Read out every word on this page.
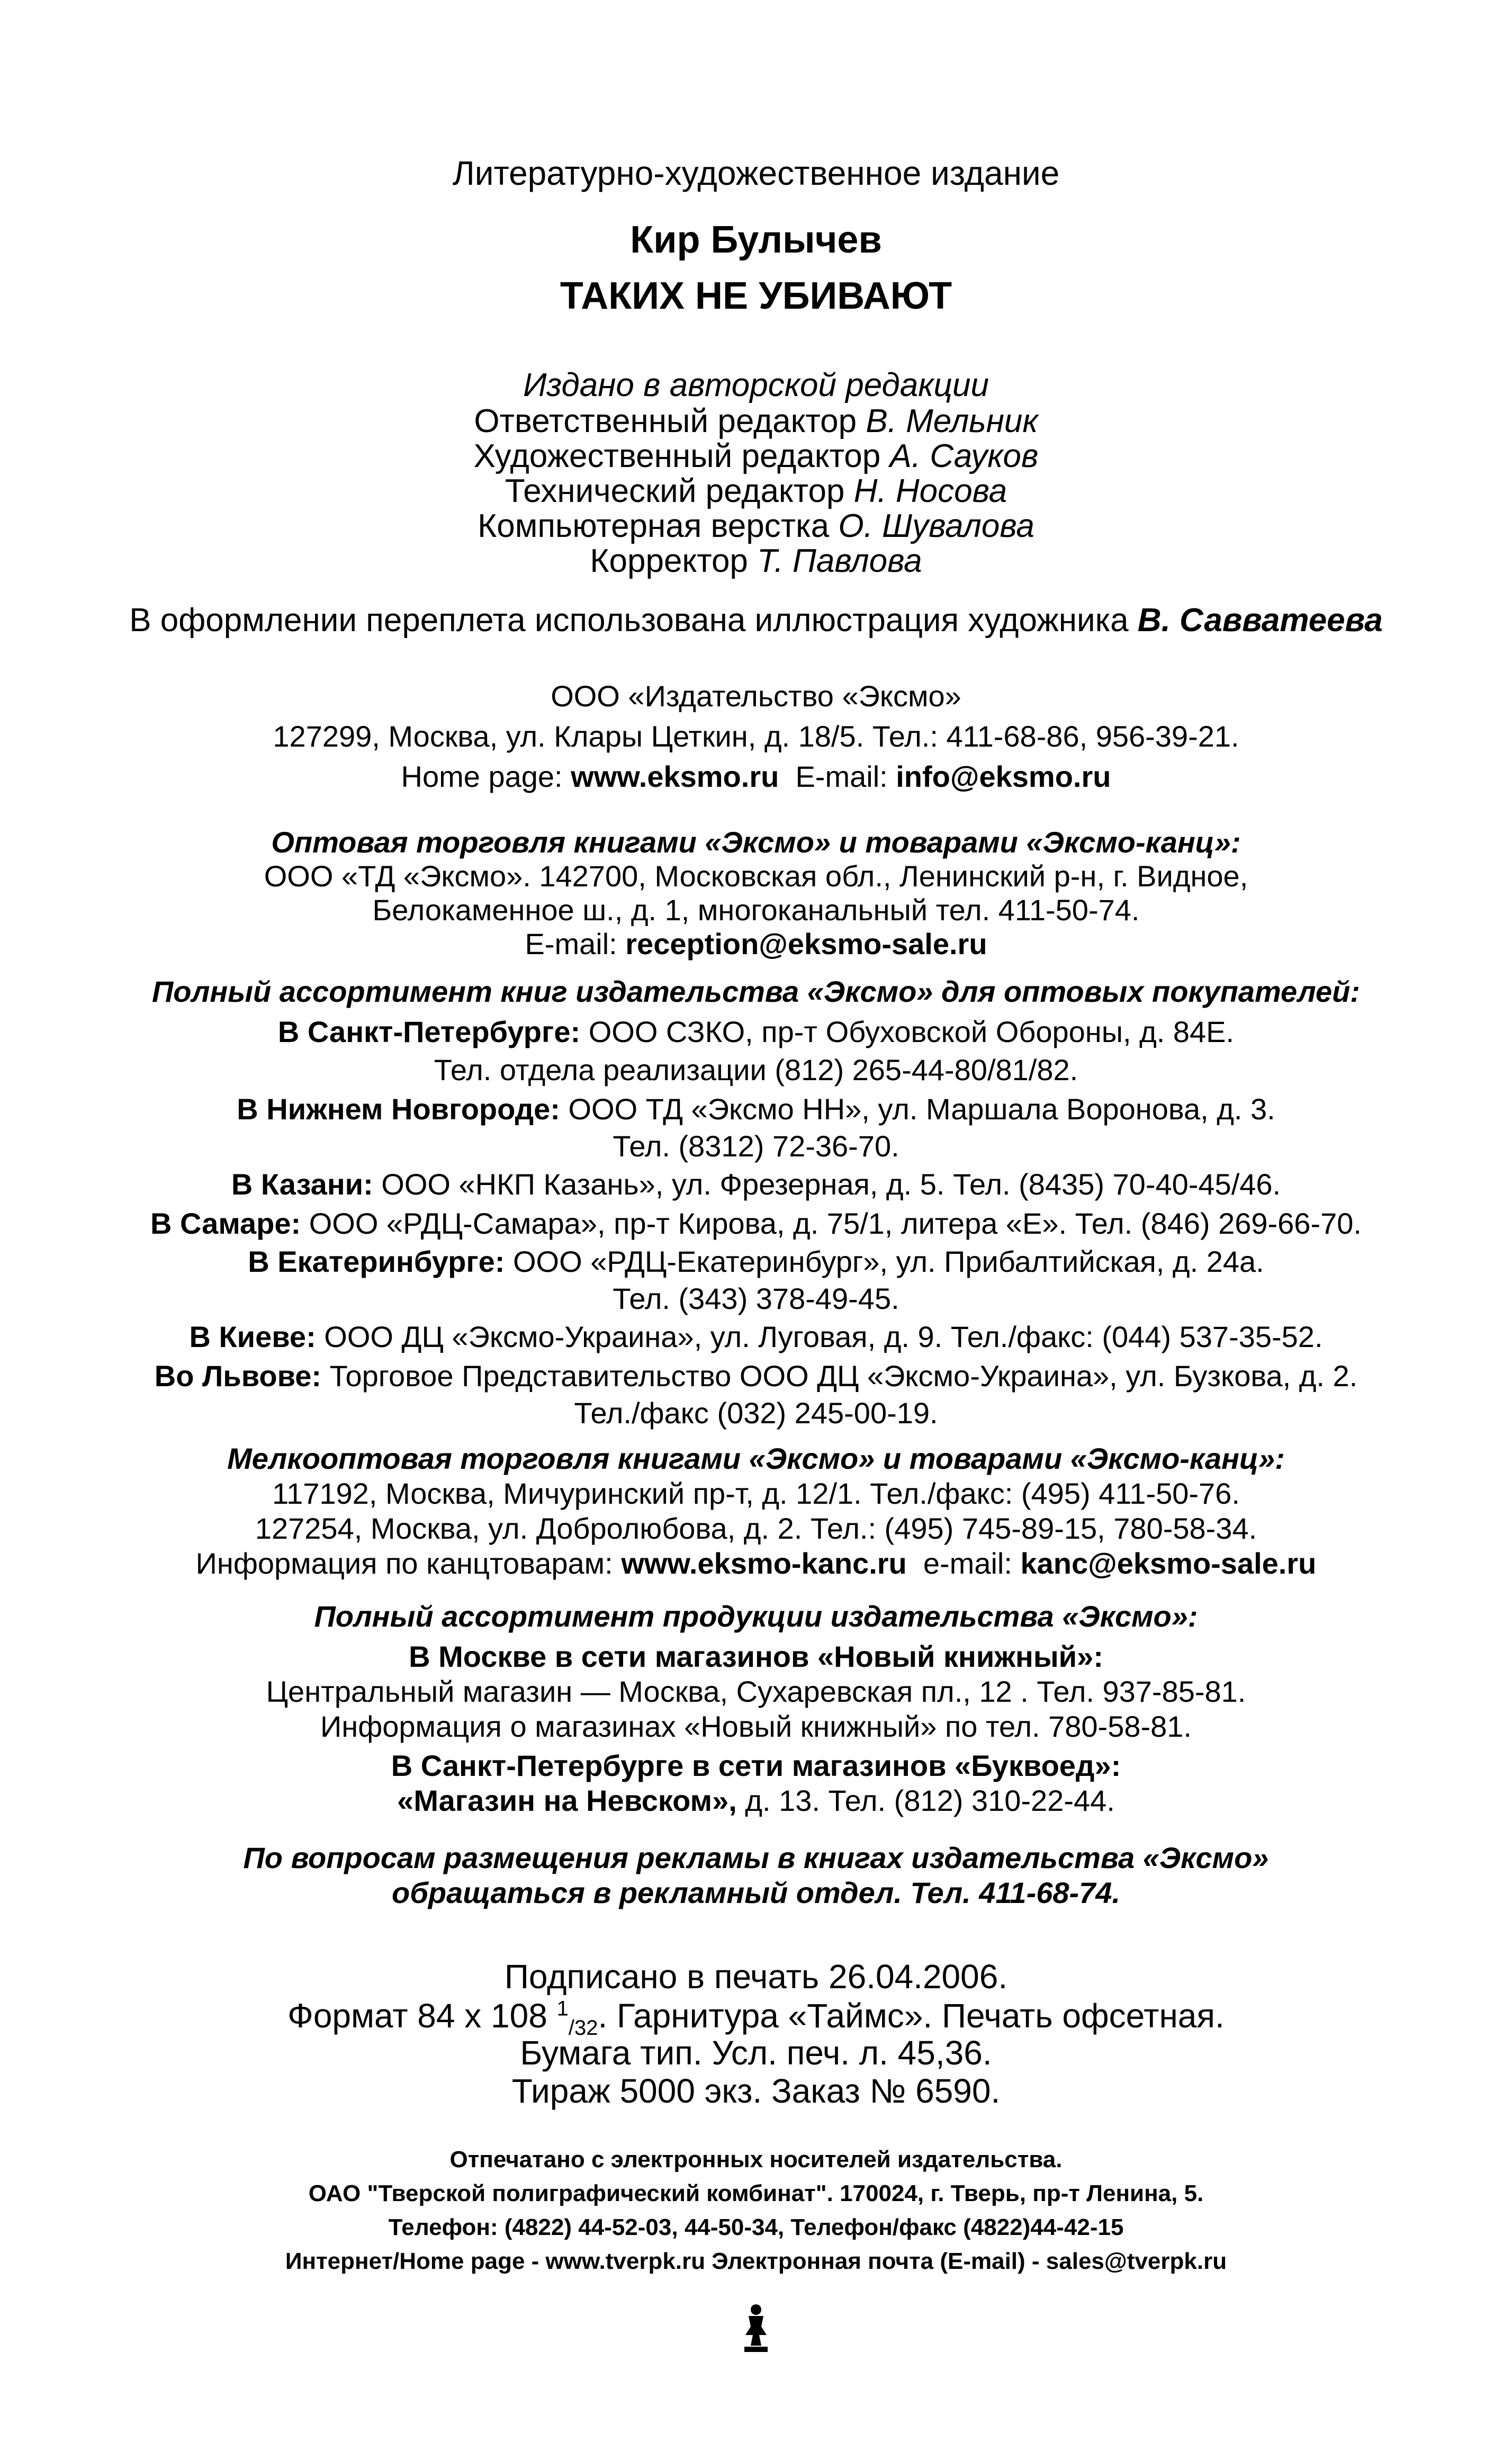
Литературно-художественное издание
Кир Булычев
ТАКИХ НЕ УБИВАЮТ
Издано в авторской редакции
Ответственный редактор В. Мельник
Художественный редактор А. Сауков
Технический редактор Н. Носова
Компьютерная верстка О. Шувалова
Корректор Т. Павлова
В оформлении переплета использована иллюстрация художника В. Савватеева
ООО «Издательство «Эксмо»
127299, Москва, ул. Клары Цеткин, д. 18/5. Тел.: 411-68-86, 956-39-21.
Home page: www.eksmo.ru E-mail: info@eksmo.ru
Оптовая торговля книгами «Эксмо» и товарами «Эксмо-канц»:
ООО «ТД «Эксмо». 142700, Московская обл., Ленинский р-н, г. Видное,
Белокаменное ш., д. 1, многоканальный тел. 411-50-74.
E-mail: reception@eksmo-sale.ru
Полный ассортимент книг издательства «Эксмо» для оптовых покупателей:
В Санкт-Петербурге: ООО СЗКО, пр-т Обуховской Обороны, д. 84Е.
Тел. отдела реализации (812) 265-44-80/81/82.
В Нижнем Новгороде: ООО ТД «Эксмо НН», ул. Маршала Воронова, д. 3.
Тел. (8312) 72-36-70.
В Казани: ООО «НКП Казань», ул. Фрезерная, д. 5. Тел. (8435) 70-40-45/46.
В Самаре: ООО «РДЦ-Самара», пр-т Кирова, д. 75/1, литера «Е». Тел. (846) 269-66-70.
В Екатеринбурге: ООО «РДЦ-Екатеринбург», ул. Прибалтийская, д. 24а.
Тел. (343) 378-49-45.
В Киеве: ООО ДЦ «Эксмо-Украина», ул. Луговая, д. 9. Тел./факс: (044) 537-35-52.
Во Львове: Торговое Представительство ООО ДЦ «Эксмо-Украина», ул. Бузкова, д. 2.
Тел./факс (032) 245-00-19.
Мелкооптовая торговля книгами «Эксмо» и товарами «Эксмо-канц»:
117192, Москва, Мичуринский пр-т, д. 12/1. Тел./факс: (495) 411-50-76.
127254, Москва, ул. Добролюбова, д. 2. Тел.: (495) 745-89-15, 780-58-34.
Информация по канцтоварам: www.eksmo-kanc.ru e-mail: kanc@eksmo-sale.ru
Полный ассортимент продукции издательства «Эксмо»:
В Москве в сети магазинов «Новый книжный»:
Центральный магазин — Москва, Сухаревская пл., 12 . Тел. 937-85-81.
Информация о магазинах «Новый книжный» по тел. 780-58-81.
В Санкт-Петербурге в сети магазинов «Буквоед»:
«Магазин на Невском», д. 13. Тел. (812) 310-22-44.
По вопросам размещения рекламы в книгах издательства «Эксмо»
обращаться в рекламный отдел. Тел. 411-68-74.
Подписано в печать 26.04.2006.
Формат 84 x 108 $^1_{/32}$. Гарнитура «Таймс». Печать офсетная.
Бумага тип. Усл. печ. л. 45,36.
Тираж 5000 экз. Заказ № 6590.
Отпечатано с электронных носителей издательства.
ОАО "Тверской полиграфический комбинат". 170024, г. Тверь, пр-т Ленина, 5.
Телефон: (4822) 44-52-03, 44-50-34, Телефон/факс (4822)44-42-15
Интернет/Home page - www.tverpk.ru Электронная почта (E-mail) - sales@tverpk.ru
